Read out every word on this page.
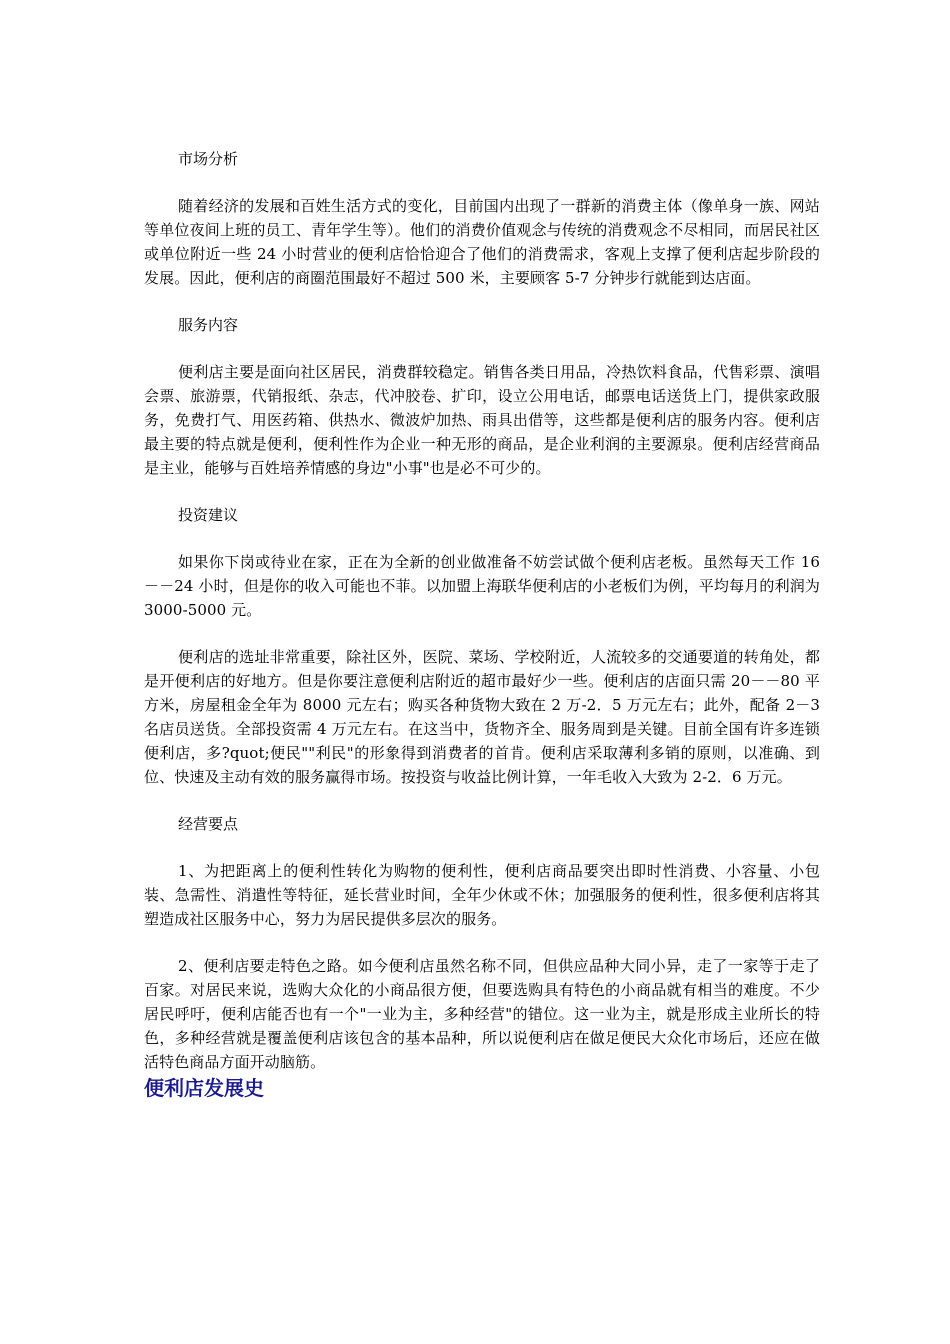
市场分析

随着经济的发展和百姓生活方式的变化，目前国内出现了一群新的消费主体（像单身一族、网站等单位夜间上班的员工、青年学生等）。他们的消费价值观念与传统的消费观念不尽相同，而居民社区或单位附近一些 24 小时营业的便利店恰恰迎合了他们的消费需求，客观上支撑了便利店起步阶段的发展。因此，便利店的商圈范围最好不超过 500 米，主要顾客 5-7 分钟步行就能到达店面。

服务内容

便利店主要是面向社区居民，消费群较稳定。销售各类日用品，冷热饮料食品，代售彩票、演唱会票、旅游票，代销报纸、杂志，代冲胶卷、扩印，设立公用电话，邮票电话送货上门，提供家政服务，免费打气、用医药箱、供热水、微波炉加热、雨具出借等，这些都是便利店的服务内容。便利店最主要的特点就是便利，便利性作为企业一种无形的商品，是企业利润的主要源泉。便利店经营商品是主业，能够与百姓培养情感的身边"小事"也是必不可少的。

投资建议

如果你下岗或待业在家，正在为全新的创业做准备不妨尝试做个便利店老板。虽然每天工作 16－－24 小时，但是你的收入可能也不菲。以加盟上海联华便利店的小老板们为例，平均每月的利润为 3000-5000 元。

便利店的选址非常重要，除社区外，医院、菜场、学校附近，人流较多的交通要道的转角处，都是开便利店的好地方。但是你要注意便利店附近的超市最好少一些。便利店的店面只需 20－－80 平方米，房屋租金全年为 8000 元左右；购买各种货物大致在 2 万-2．5 万元左右；此外，配备 2－3 名店员送货。全部投资需 4 万元左右。在这当中，货物齐全、服务周到是关键。目前全国有许多连锁便利店，多?quot;便民""利民"的形象得到消费者的首肯。便利店采取薄利多销的原则，以准确、到位、快速及主动有效的服务赢得市场。按投资与收益比例计算，一年毛收入大致为 2-2．6 万元。

经营要点

1、为把距离上的便利性转化为购物的便利性，便利店商品要突出即时性消费、小容量、小包装、急需性、消遣性等特征，延长营业时间，全年少休或不休；加强服务的便利性，很多便利店将其塑造成社区服务中心，努力为居民提供多层次的服务。

2、便利店要走特色之路。如今便利店虽然名称不同，但供应品种大同小异，走了一家等于走了百家。对居民来说，选购大众化的小商品很方便，但要选购具有特色的小商品就有相当的难度。不少居民呼吁，便利店能否也有一个"一业为主，多种经营"的错位。这一业为主，就是形成主业所长的特色，多种经营就是覆盖便利店该包含的基本品种，所以说便利店在做足便民大众化市场后，还应在做活特色商品方面开动脑筋。

便利店发展史
